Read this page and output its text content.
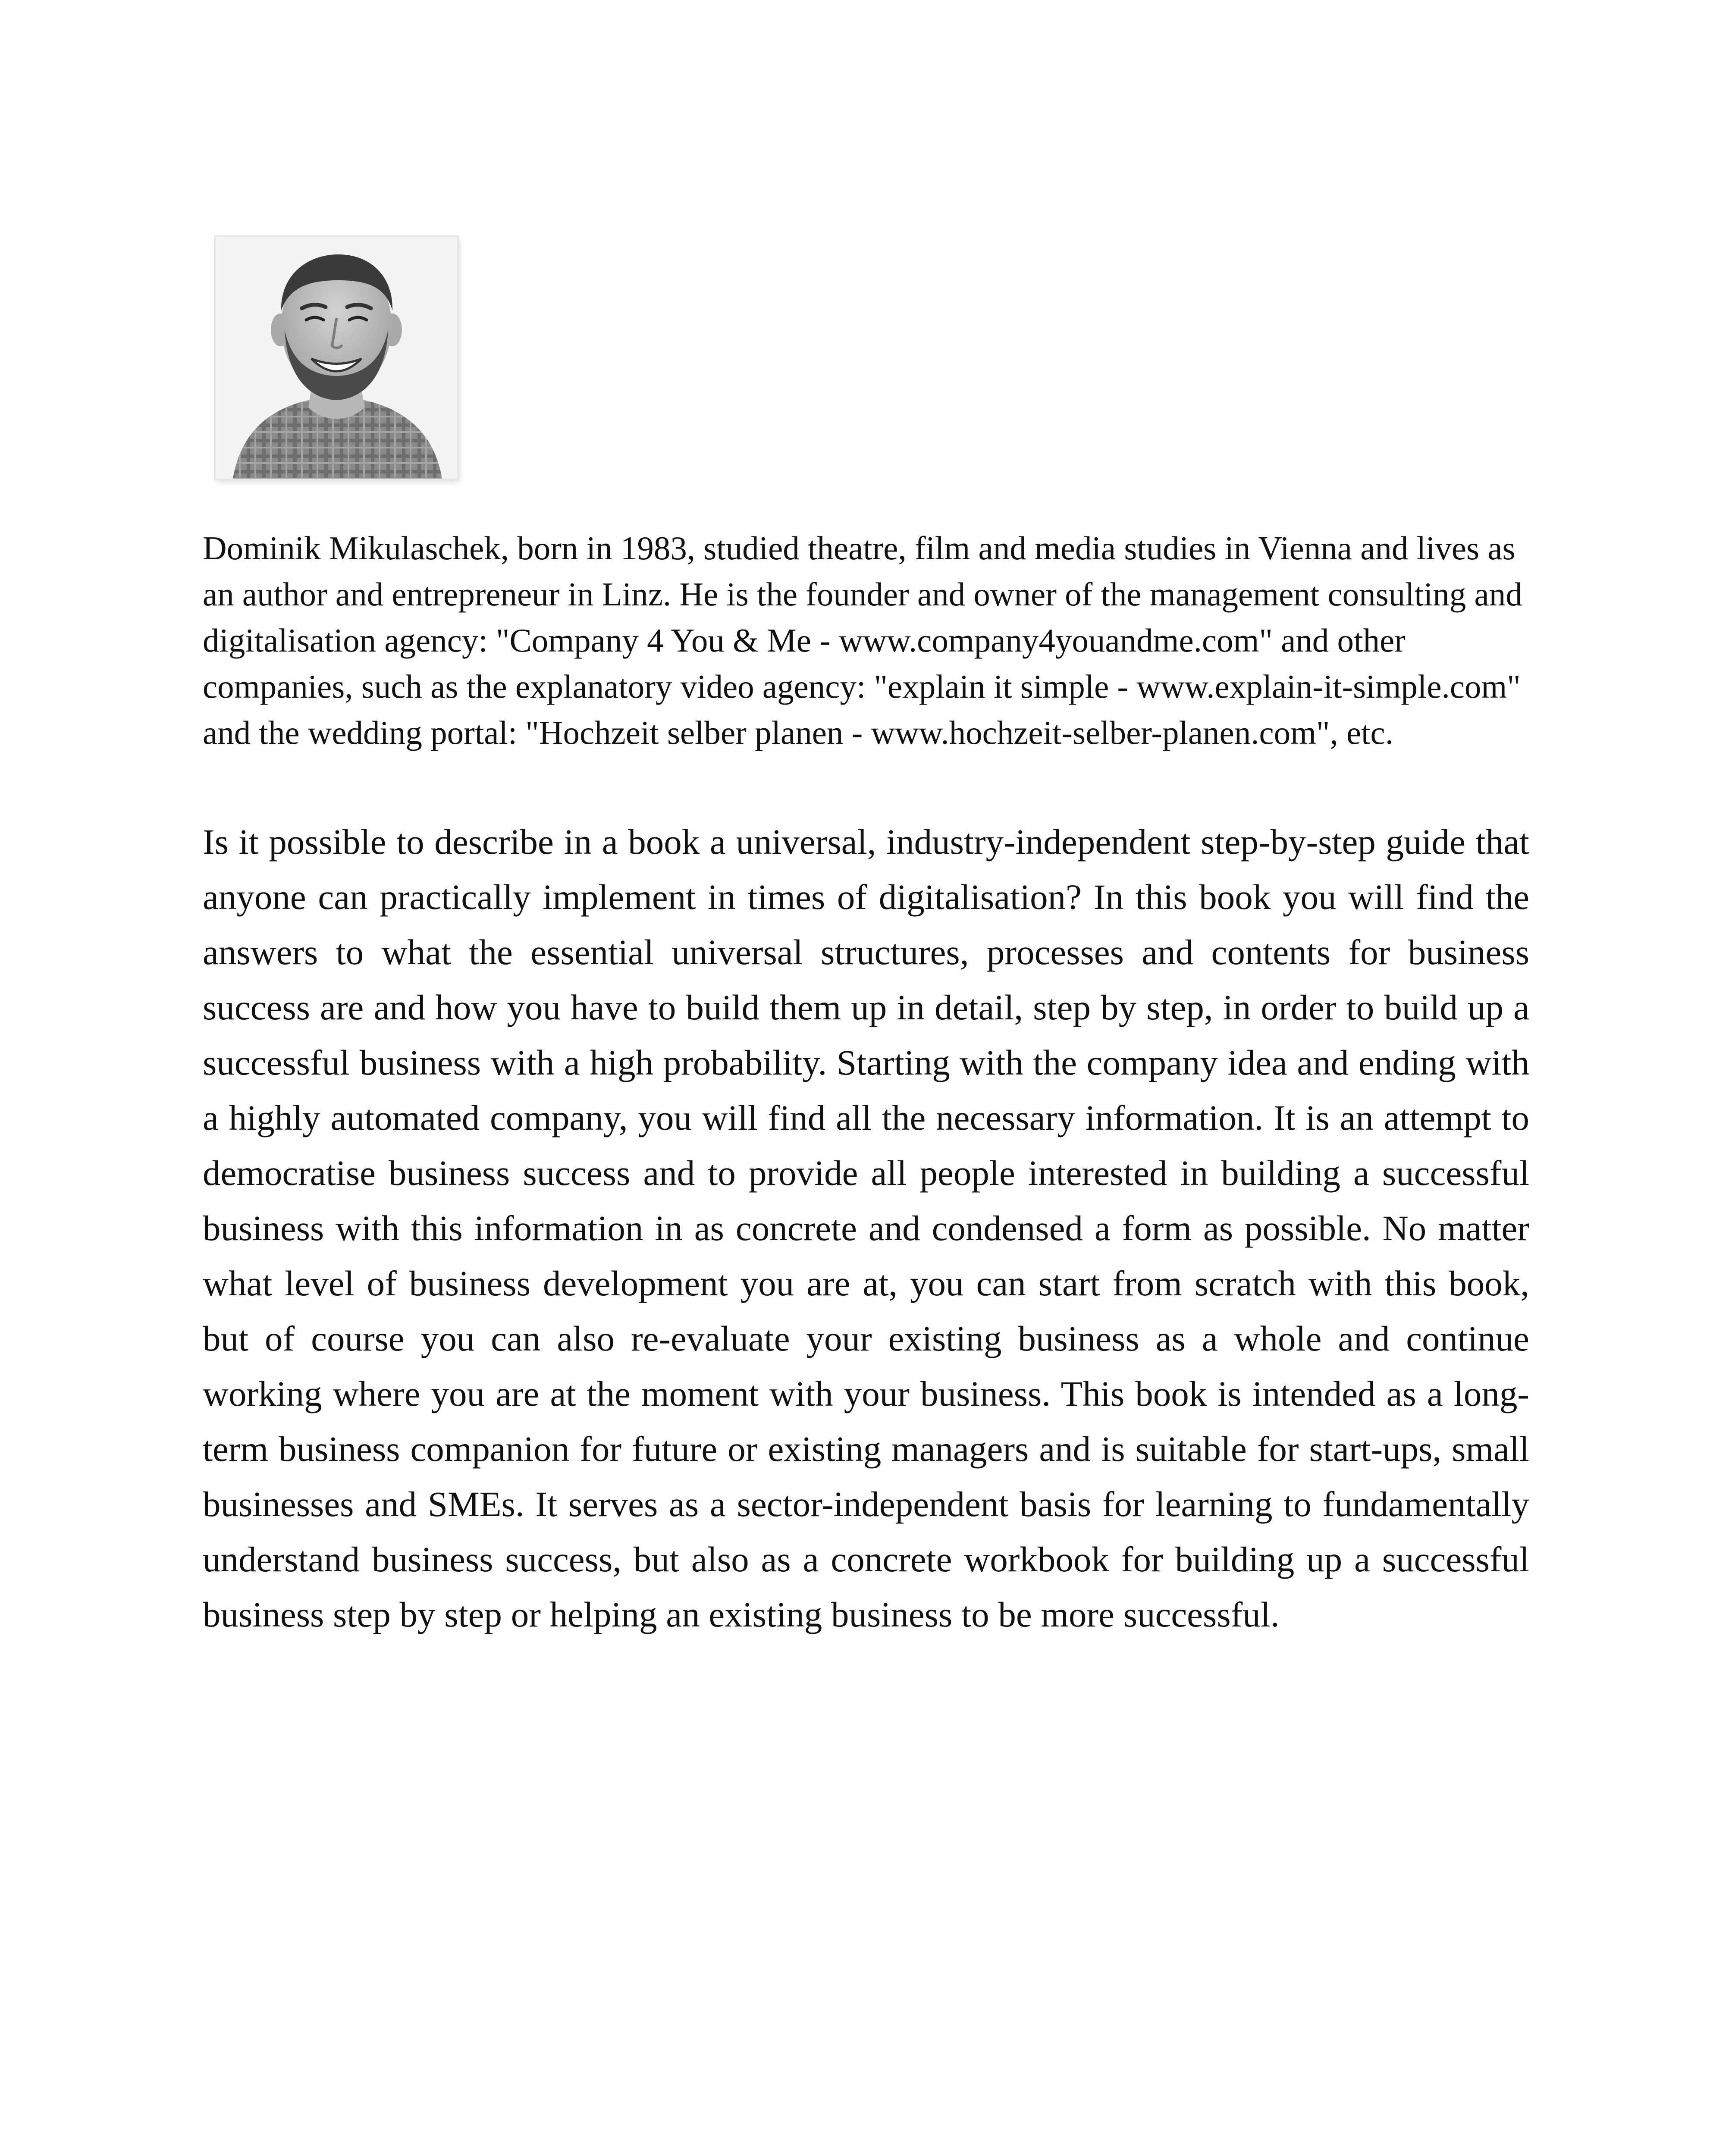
Dominik Mikulaschek, born in 1983, studied theatre, film and media studies in Vienna and lives as an author and entrepreneur in Linz. He is the founder and owner of the management consulting and digitalisation agency: "Company 4 You & Me - www.company4youandme.com" and other companies, such as the explanatory video agency: "explain it simple - www.explain-it-simple.com" and the wedding portal: "Hochzeit selber planen - www.hochzeit-selber-planen.com", etc.

Is it possible to describe in a book a universal, industry-independent step-by-step guide that anyone can practically implement in times of digitalisation? In this book you will find the answers to what the essential universal structures, processes and contents for business success are and how you have to build them up in detail, step by step, in order to build up a successful business with a high probability. Starting with the company idea and ending with a highly automated company, you will find all the necessary information. It is an attempt to democratise business success and to provide all people interested in building a successful business with this information in as concrete and condensed a form as possible. No matter what level of business development you are at, you can start from scratch with this book, but of course you can also re-evaluate your existing business as a whole and continue working where you are at the moment with your business. This book is intended as a long-term business companion for future or existing managers and is suitable for start-ups, small businesses and SMEs. It serves as a sector-independent basis for learning to fundamentally understand business success, but also as a concrete workbook for building up a successful business step by step or helping an existing business to be more successful.
